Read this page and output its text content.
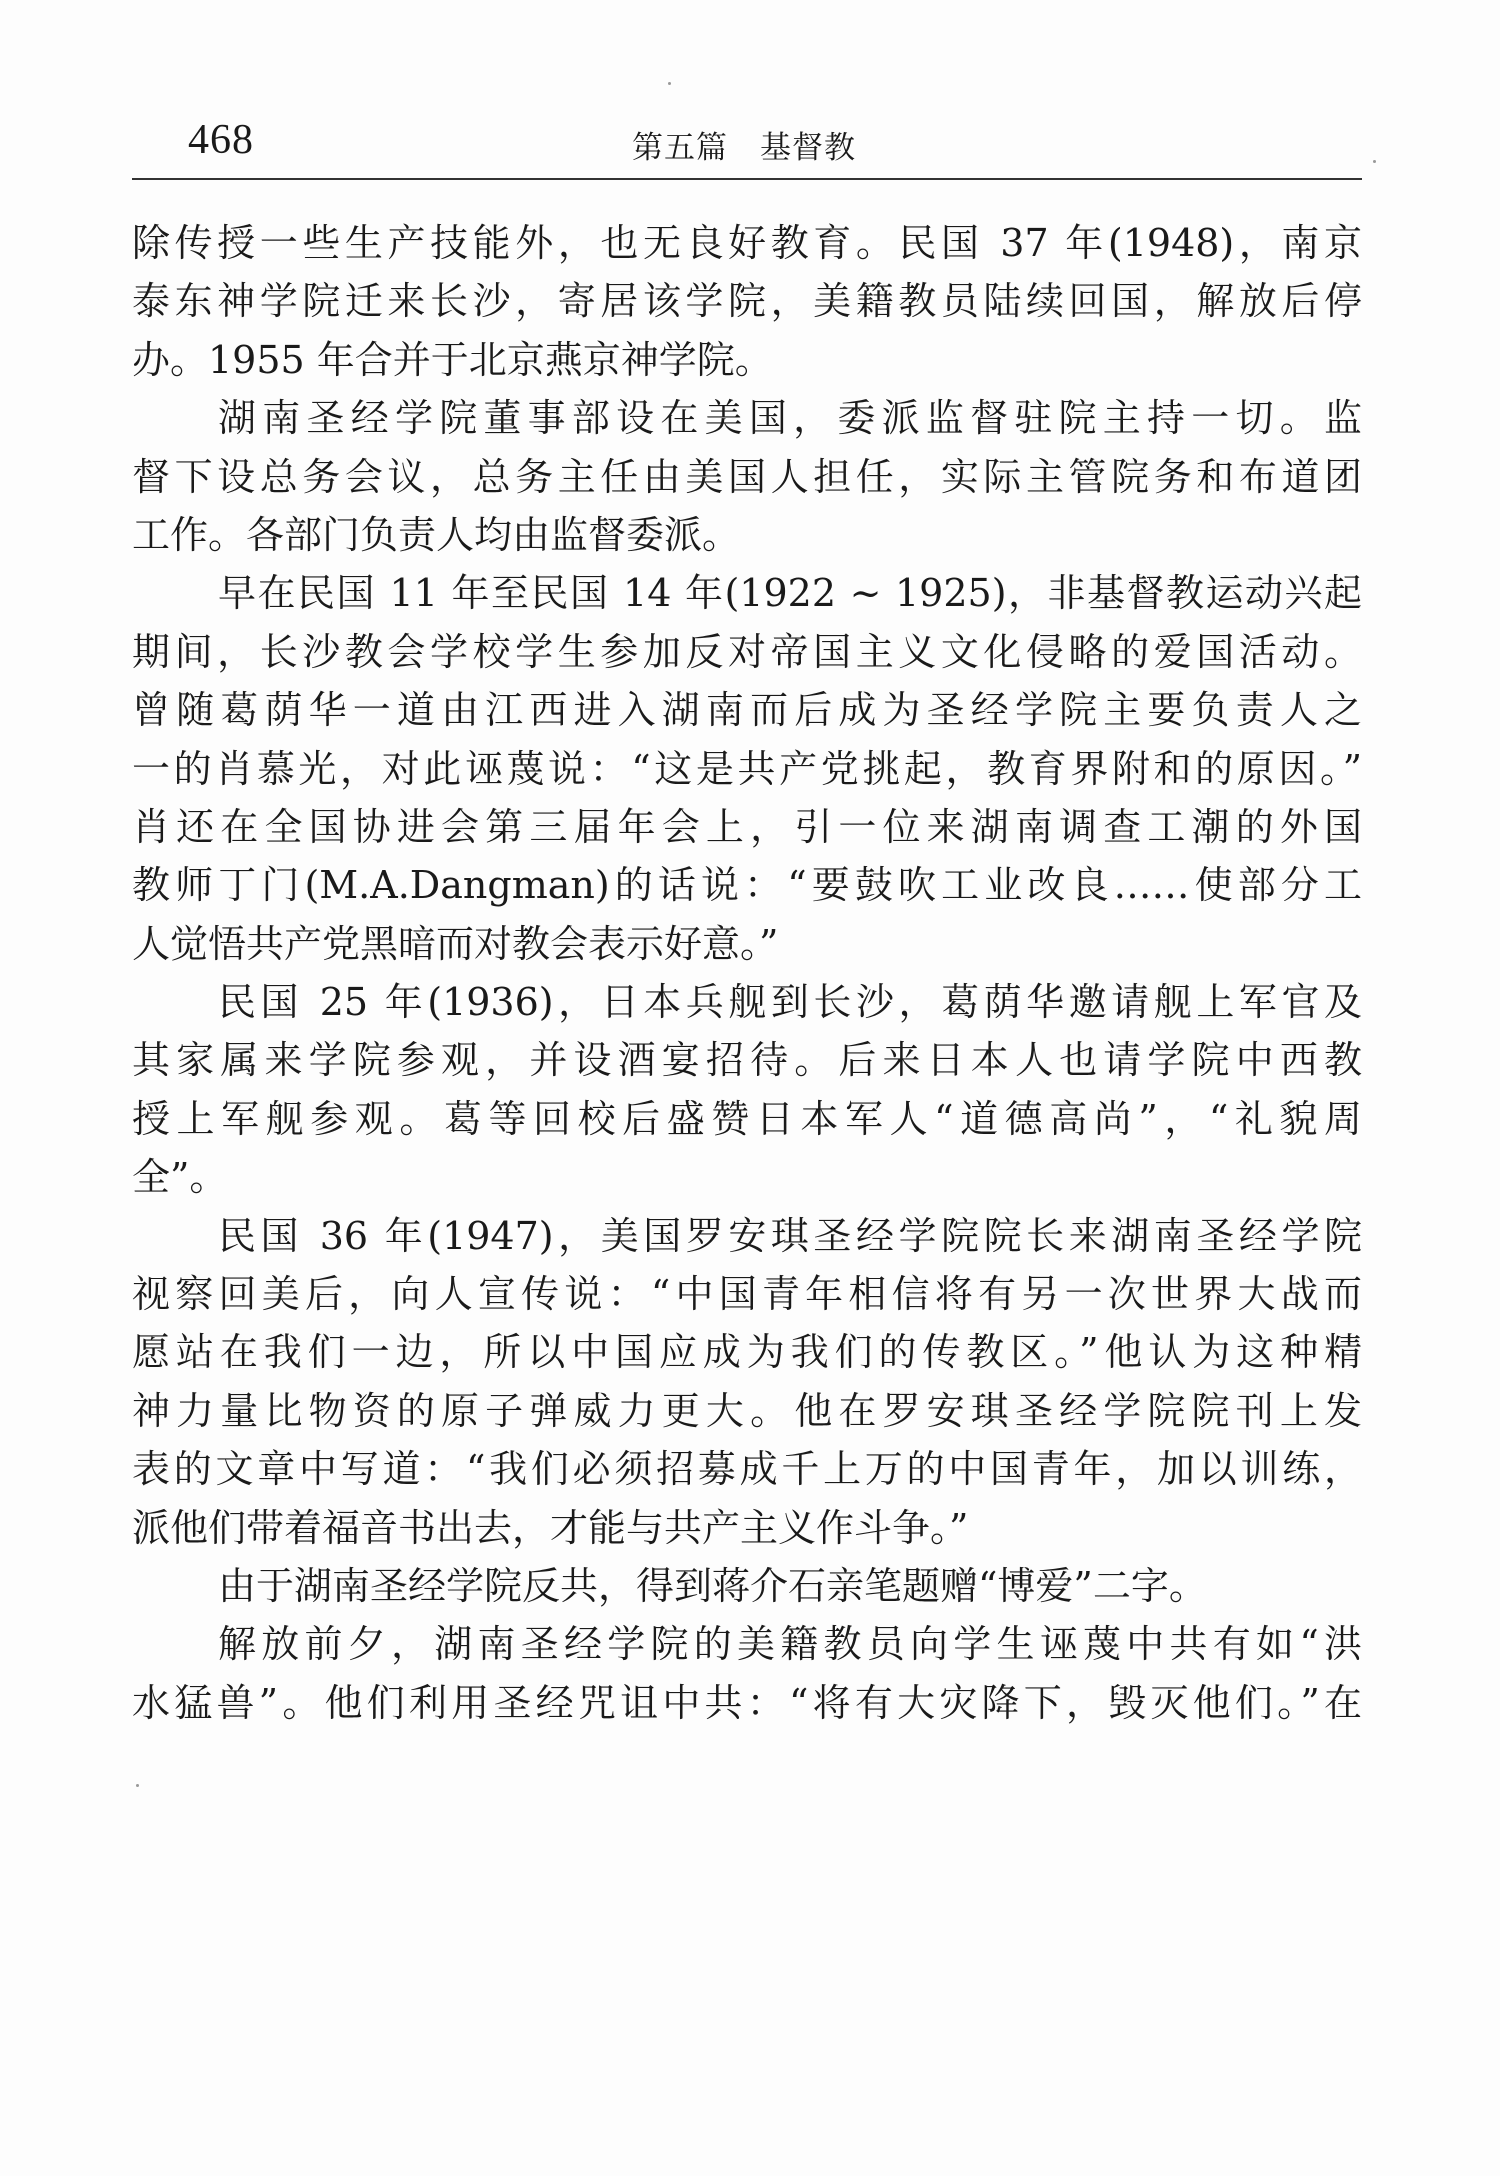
468	第五篇　基督教

除传授一些生产技能外，也无良好教育。民国 37 年(1948)，南京
泰东神学院迁来长沙，寄居该学院，美籍教员陆续回国，解放后停
办。1955 年合并于北京燕京神学院。

湖南圣经学院董事部设在美国，委派监督驻院主持一切。监
督下设总务会议，总务主任由美国人担任，实际主管院务和布道团
工作。各部门负责人均由监督委派。

早在民国 11 年至民国 14 年(1922 ~ 1925)，非基督教运动兴起
期间，长沙教会学校学生参加反对帝国主义文化侵略的爱国活动。
曾随葛荫华一道由江西进入湖南而后成为圣经学院主要负责人之
一的肖慕光，对此诬蔑说：“这是共产党挑起，教育界附和的原因。”
肖还在全国协进会第三届年会上，引一位来湖南调查工潮的外国
教师丁门(M.A.Dangman)的话说：“要鼓吹工业改良……使部分工
人觉悟共产党黑暗而对教会表示好意。”

民国 25 年(1936)，日本兵舰到长沙，葛荫华邀请舰上军官及
其家属来学院参观，并设酒宴招待。后来日本人也请学院中西教
授上军舰参观。葛等回校后盛赞日本军人“道德高尚”，“礼貌周
全”。

民国 36 年(1947)，美国罗安琪圣经学院院长来湖南圣经学院
视察回美后，向人宣传说：“中国青年相信将有另一次世界大战而
愿站在我们一边，所以中国应成为我们的传教区。”他认为这种精
神力量比物资的原子弹威力更大。他在罗安琪圣经学院院刊上发
表的文章中写道：“我们必须招募成千上万的中国青年，加以训练，
派他们带着福音书出去，才能与共产主义作斗争。”

由于湖南圣经学院反共，得到蒋介石亲笔题赠“博爱”二字。

解放前夕，湖南圣经学院的美籍教员向学生诬蔑中共有如“洪
水猛兽”。他们利用圣经咒诅中共：“将有大灾降下，毁灭他们。”在
